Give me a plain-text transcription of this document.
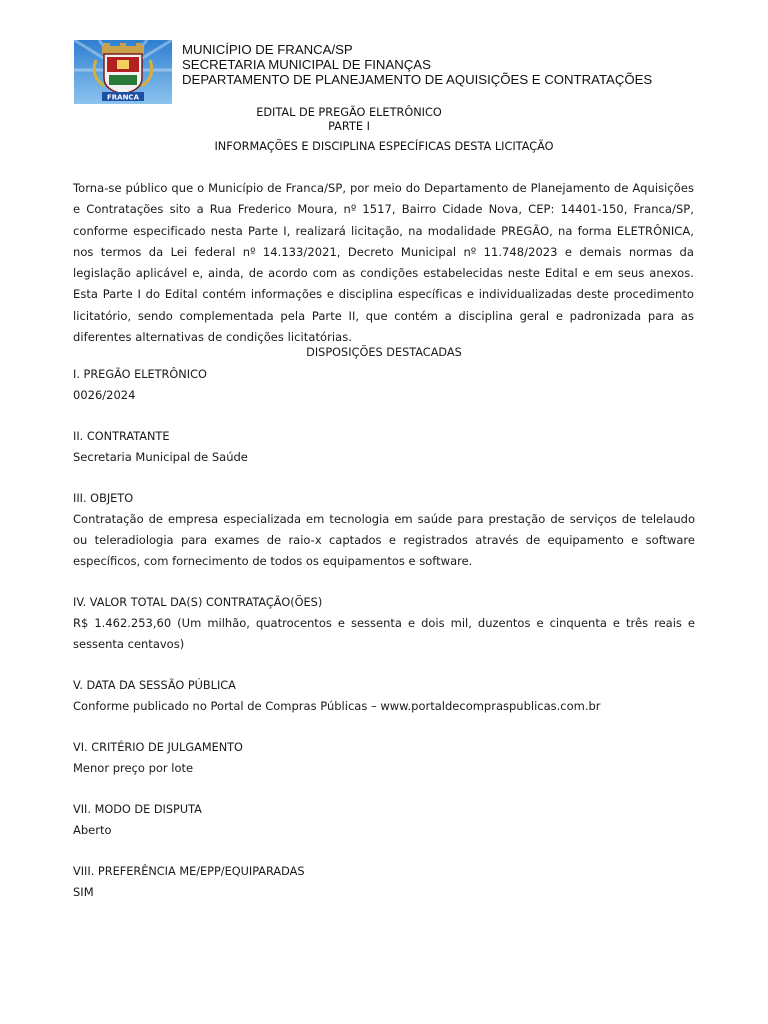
FRANCA
MUNICÍPIO DE FRANCA/SP
SECRETARIA MUNICIPAL DE FINANÇAS
DEPARTAMENTO DE PLANEJAMENTO DE AQUISIÇÕES E CONTRATAÇÕES
EDITAL DE PREGÃO ELETRÔNICO
PARTE I
INFORMAÇÕES E DISCIPLINA ESPECÍFICAS DESTA LICITAÇÃO
Torna-se público que o Município de Franca/SP, por meio do Departamento de Planejamento de Aquisições e Contratações sito a Rua Frederico Moura, nº 1517, Bairro Cidade Nova, CEP: 14401-150, Franca/SP, conforme especificado nesta Parte I, realizará licitação, na modalidade PREGÃO, na forma ELETRÔNICA, nos termos da Lei federal nº 14.133/2021, Decreto Municipal nº 11.748/2023 e demais normas da legislação aplicável e, ainda, de acordo com as condições estabelecidas neste Edital e em seus anexos. Esta Parte I do Edital contém informações e disciplina específicas e individualizadas deste procedimento licitatório, sendo complementada pela Parte II, que contém a disciplina geral e padronizada para as diferentes alternativas de condições licitatórias.
DISPOSIÇÕES DESTACADAS
I. PREGÃO ELETRÔNICO
0026/2024
II. CONTRATANTE
Secretaria Municipal de Saúde
III. OBJETO
Contratação de empresa especializada em tecnologia em saúde para prestação de serviços de telelaudo ou teleradiologia para exames de raio-x captados e registrados através de equipamento e software específicos, com fornecimento de todos os equipamentos e software.
IV. VALOR TOTAL DA(S) CONTRATAÇÃO(ÕES)
R$ 1.462.253,60 (Um milhão, quatrocentos e sessenta e dois mil, duzentos e cinquenta e três reais e sessenta centavos)
V. DATA DA SESSÃO PÚBLICA
Conforme publicado no Portal de Compras Públicas – www.portaldecompraspublicas.com.br
VI. CRITÉRIO DE JULGAMENTO
Menor preço por lote
VII. MODO DE DISPUTA
Aberto
VIII. PREFERÊNCIA ME/EPP/EQUIPARADAS
SIM
